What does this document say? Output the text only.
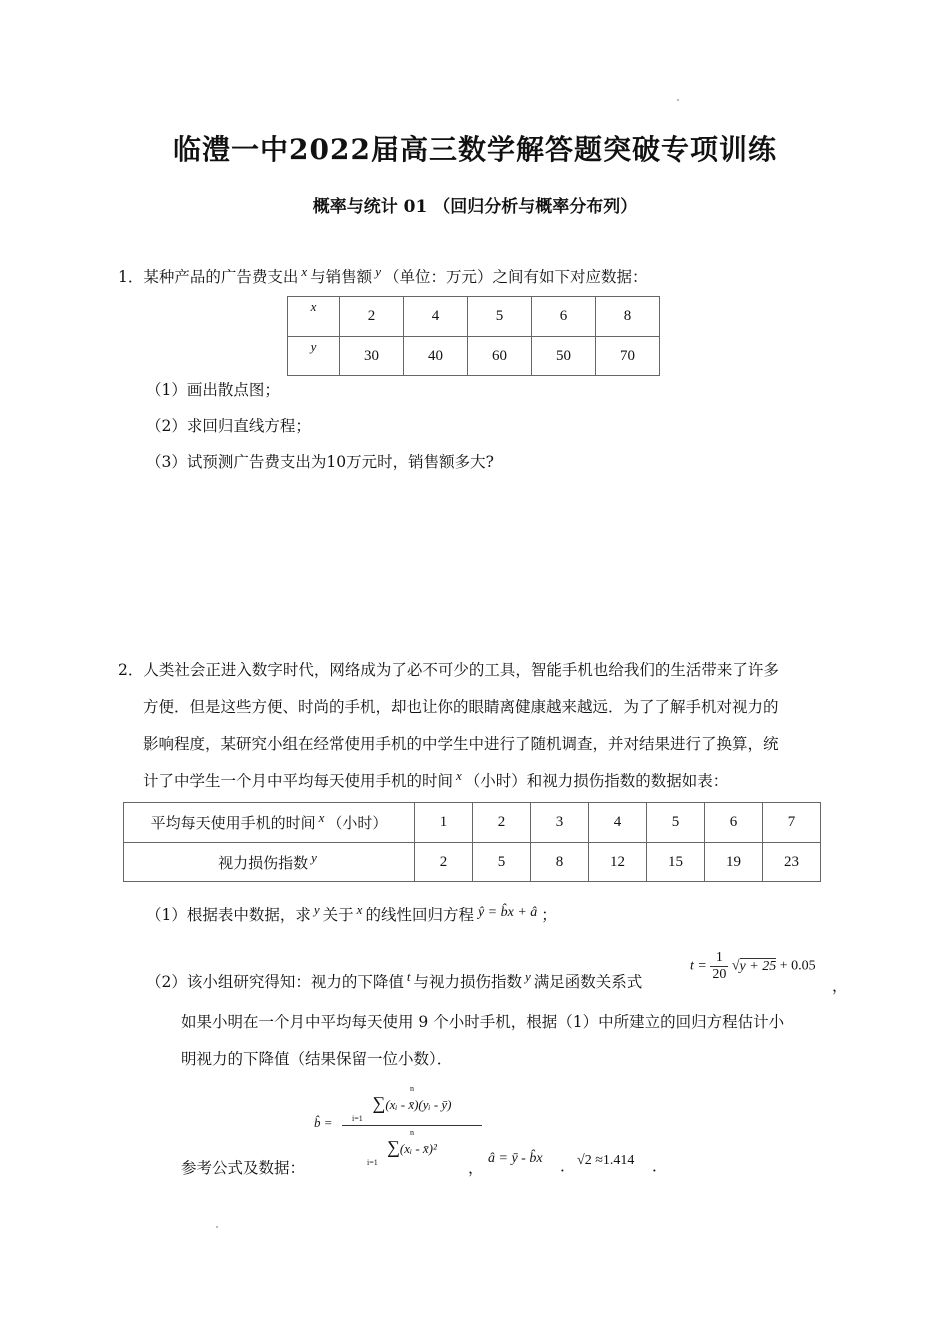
临澧一中2022届高三数学解答题突破专项训练
概率与统计 01 （回归分析与概率分布列）
1．某种产品的广告费支出 $^x$ 与销售额 $^y$ （单位：万元）之间有如下对应数据：
x	2	4	5	6	8
y	30	40	60	50	70
（1）画出散点图；
（2）求回归直线方程；
（3）试预测广告费支出为10万元时，销售额多大?
2．人类社会正进入数字时代，网络成为了必不可少的工具，智能手机也给我们的生活带来了许多
方便．但是这些方便、时尚的手机，却也让你的眼睛离健康越来越远．为了了解手机对视力的
影响程度，某研究小组在经常使用手机的中学生中进行了随机调查，并对结果进行了换算，统
计了中学生一个月中平均每天使用手机的时间 $^x$ （小时）和视力损伤指数的数据如表：
平均每天使用手机的时间 x （小时）	1	2	3	4	5	6	7
视力损伤指数 y	2	5	8	12	15	19	23
（1）根据表中数据，求 $^y$ 关于 $^x$ 的线性回归方程 ŷ = b̂x + â ；
（2）该小组研究得知：视力的下降值 $^t$ 与视力损伤指数 $^y$ 满足函数关系式
$t = \frac{1}{20} √y + 25 + 0.05$
，
如果小明在一个月中平均每天使用 9 个小时手机，根据（1）中所建立的回归方程估计小
明视力的下降值（结果保留一位小数）．
参考公式及数据：
b̂ =
n
∑(xᵢ - x̄)(yᵢ - ȳ)
i=1
n
∑(xᵢ - x̄)²
i=1	，
â = ȳ - b̂x ． √2 ≈1.414 ．
